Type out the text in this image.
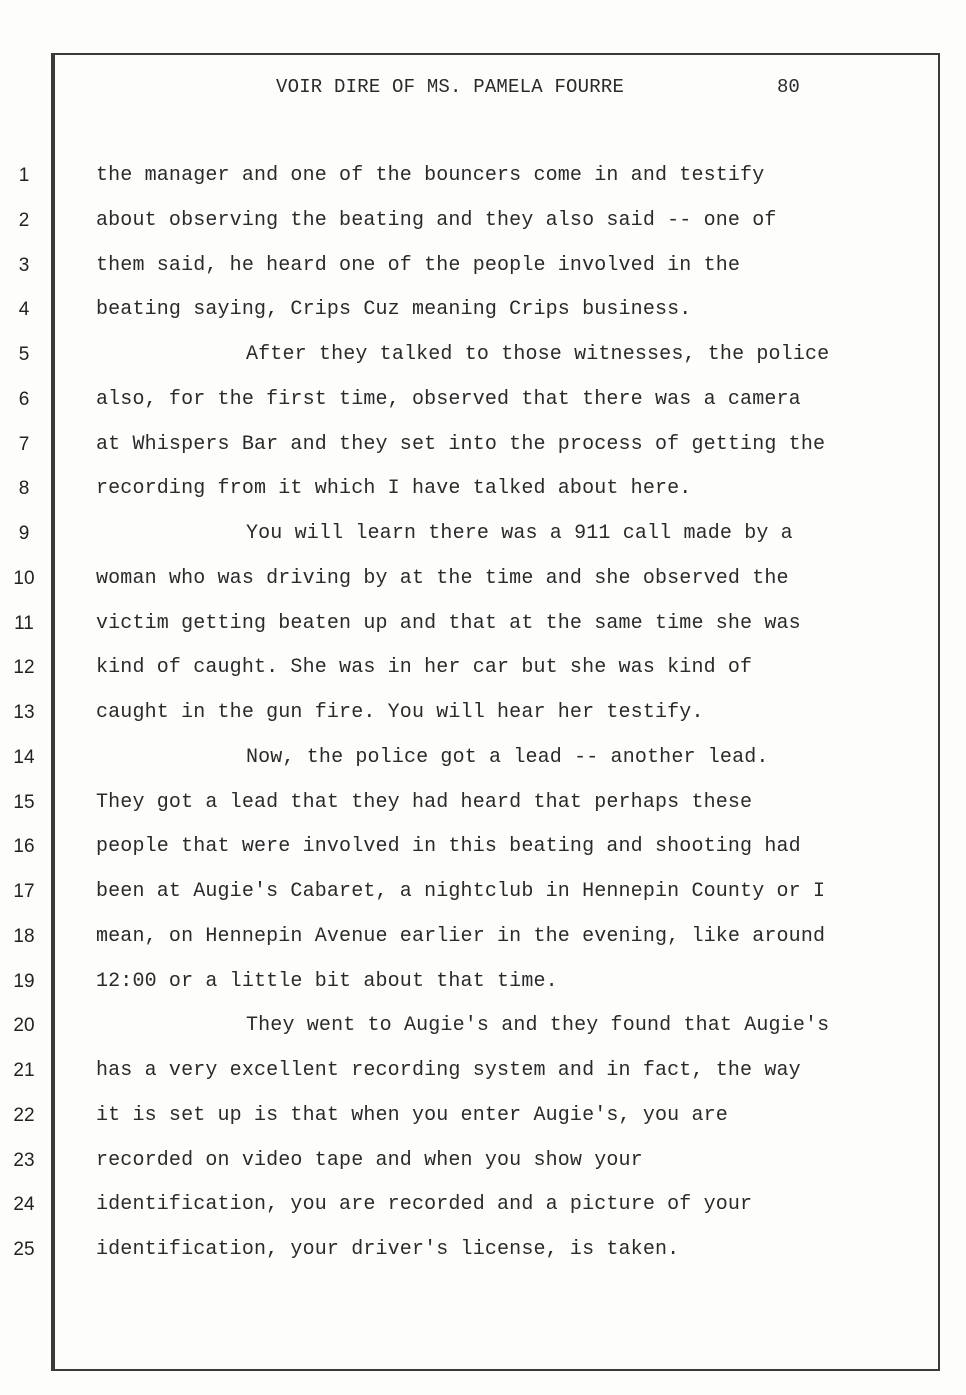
VOIR DIRE OF MS. PAMELA FOURRE	80
1
2
3
4
5
6
7
8
9
10
11
12
13
14
15
16
17
18
19
20
21
22
23
24
25
the manager and one of the bouncers come in and testify
about observing the beating and they also said -- one of
them said, he heard one of the people involved in the
beating saying, Crips Cuz meaning Crips business.
After they talked to those witnesses, the police
also, for the first time, observed that there was a camera
at Whispers Bar and they set into the process of getting the
recording from it which I have talked about here.
You will learn there was a 911 call made by a
woman who was driving by at the time and she observed the
victim getting beaten up and that at the same time she was
kind of caught. She was in her car but she was kind of
caught in the gun fire. You will hear her testify.
Now, the police got a lead -- another lead.
They got a lead that they had heard that perhaps these
people that were involved in this beating and shooting had
been at Augie's Cabaret, a nightclub in Hennepin County or I
mean, on Hennepin Avenue earlier in the evening, like around
12:00 or a little bit about that time.
They went to Augie's and they found that Augie's
has a very excellent recording system and in fact, the way
it is set up is that when you enter Augie's, you are
recorded on video tape and when you show your
identification, you are recorded and a picture of your
identification, your driver's license, is taken.
